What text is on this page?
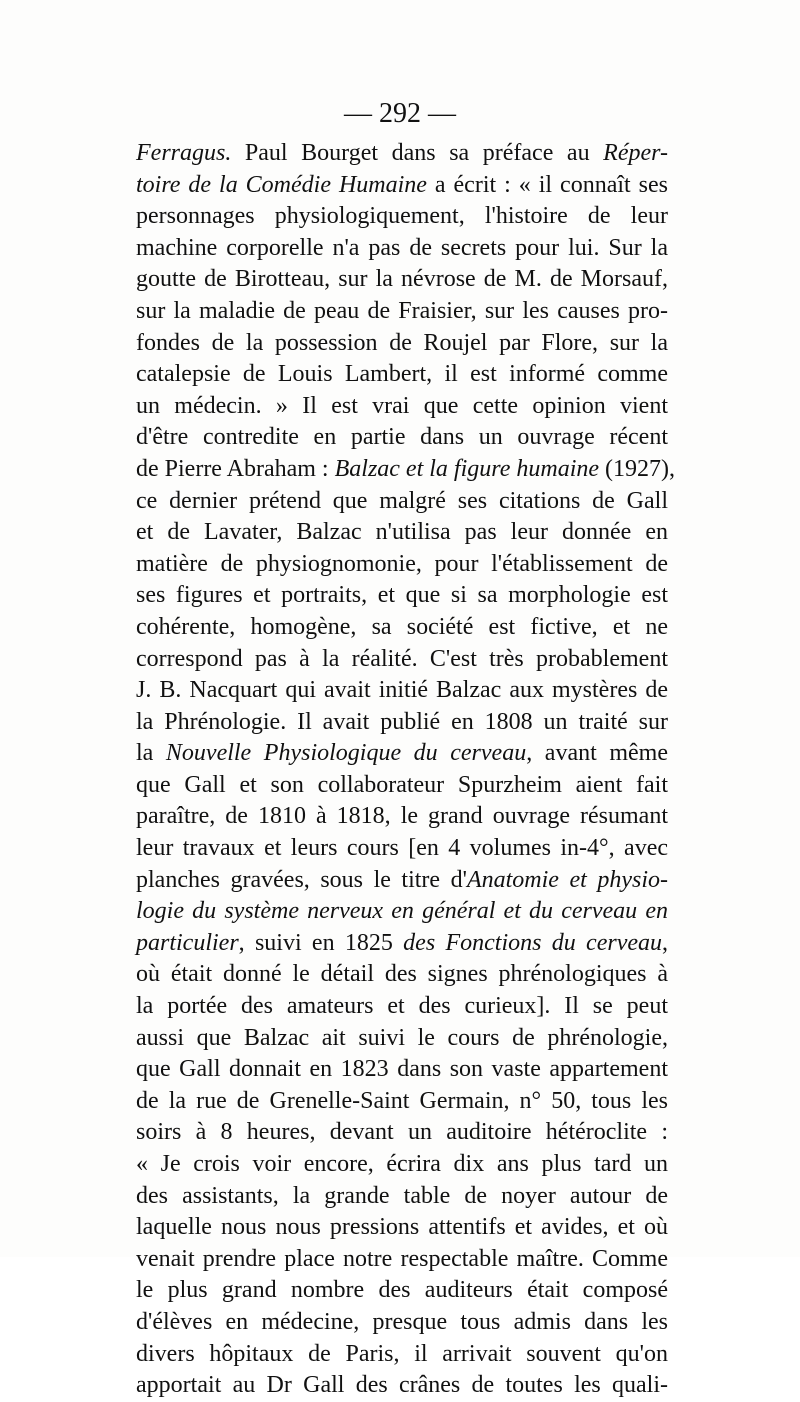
— 292 —
Ferragus. Paul Bourget dans sa préface au Réper-
toire de la Comédie Humaine a écrit : « il connaît ses
personnages physiologiquement, l'histoire de leur
machine corporelle n'a pas de secrets pour lui. Sur la
goutte de Birotteau, sur la névrose de M. de Morsauf,
sur la maladie de peau de Fraisier, sur les causes pro-
fondes de la possession de Roujel par Flore, sur la
catalepsie de Louis Lambert, il est informé comme
un médecin. » Il est vrai que cette opinion vient
d'être contredite en partie dans un ouvrage récent
de Pierre Abraham : Balzac et la figure humaine (1927),
ce dernier prétend que malgré ses citations de Gall
et de Lavater, Balzac n'utilisa pas leur donnée en
matière de physiognomonie, pour l'établissement de
ses figures et portraits, et que si sa morphologie est
cohérente, homogène, sa société est fictive, et ne
correspond pas à la réalité. C'est très probablement
J. B. Nacquart qui avait initié Balzac aux mystères de
la Phrénologie. Il avait publié en 1808 un traité sur
la Nouvelle Physiologique du cerveau, avant même
que Gall et son collaborateur Spurzheim aient fait
paraître, de 1810 à 1818, le grand ouvrage résumant
leur travaux et leurs cours [en 4 volumes in-4°, avec
planches gravées, sous le titre d'Anatomie et physio-
logie du système nerveux en général et du cerveau en
particulier, suivi en 1825 des Fonctions du cerveau,
où était donné le détail des signes phrénologiques à
la portée des amateurs et des curieux]. Il se peut
aussi que Balzac ait suivi le cours de phrénologie,
que Gall donnait en 1823 dans son vaste appartement
de la rue de Grenelle-Saint Germain, n° 50, tous les
soirs à 8 heures, devant un auditoire hétéroclite :
« Je crois voir encore, écrira dix ans plus tard un
des assistants, la grande table de noyer autour de
laquelle nous nous pressions attentifs et avides, et où
venait prendre place notre respectable maître. Comme
le plus grand nombre des auditeurs était composé
d'élèves en médecine, presque tous admis dans les
divers hôpitaux de Paris, il arrivait souvent qu'on
apportait au Dr Gall des crânes de toutes les quali-
